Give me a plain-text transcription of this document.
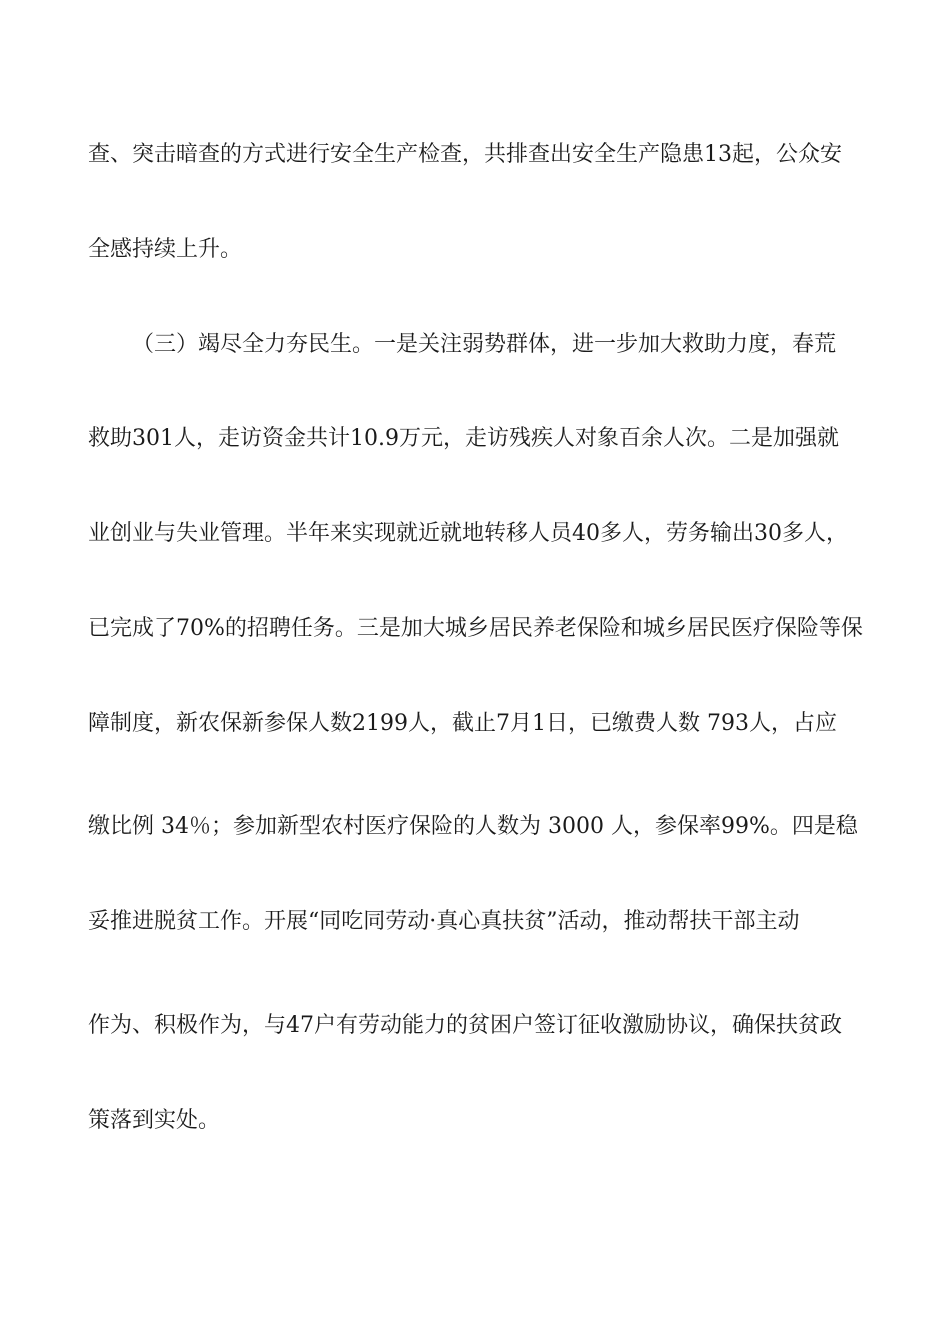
查、突击暗查的方式进行安全生产检查，共排查出安全生产隐患13起，公众安
全感持续上升。
（三）竭尽全力夯民生。一是关注弱势群体，进一步加大救助力度，春荒
救助301人，走访资金共计10.9万元，走访残疾人对象百余人次。二是加强就
业创业与失业管理。半年来实现就近就地转移人员40多人，劳务输出30多人，
已完成了70%的招聘任务。三是加大城乡居民养老保险和城乡居民医疗保险等保
障制度，新农保新参保人数2199人，截止7月1日，已缴费人数 793人，占应
缴比例 34％；参加新型农村医疗保险的人数为 3000 人，参保率99%。四是稳
妥推进脱贫工作。开展“同吃同劳动·真心真扶贫”活动，推动帮扶干部主动
作为、积极作为，与47户有劳动能力的贫困户签订征收激励协议，确保扶贫政
策落到实处。
